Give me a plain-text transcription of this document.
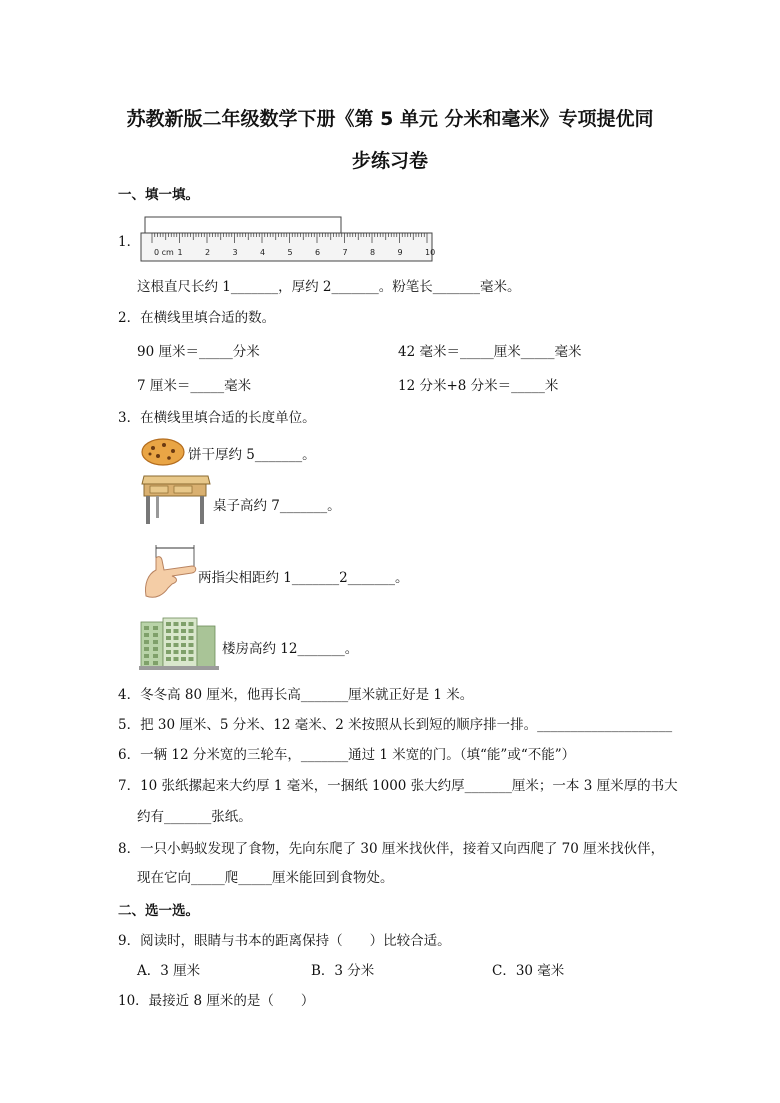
苏教新版二年级数学下册《第 5 单元 分米和毫米》专项提优同
步练习卷
一、填一填。
1．
0 cm 1	2	3	4	5	6	7	8	9	10
这根直尺长约 1_______，厚约 2_______。粉笔长_______毫米。
2．在横线里填合适的数。
90 厘米＝_____分米	42 毫米＝_____厘米_____毫米
7 厘米＝_____毫米	12 分米+8 分米＝_____米
3．在横线里填合适的长度单位。
饼干厚约 5_______。
桌子高约 7_______。
两指尖相距约 1_______2_______。
楼房高约 12_______。
4．冬冬高 80 厘米，他再长高_______厘米就正好是 1 米。
5．把 30 厘米、5 分米、12 毫米、2 米按照从长到短的顺序排一排。____________________
6．一辆 12 分米宽的三轮车，_______通过 1 米宽的门。（填“能”或“不能”）
7．10 张纸摞起来大约厚 1 毫米，一捆纸 1000 张大约厚_______厘米；一本 3 厘米厚的书大
约有_______张纸。
8．一只小蚂蚁发现了食物，先向东爬了 30 厘米找伙伴，接着又向西爬了 70 厘米找伙伴，
现在它向_____爬_____厘米能回到食物处。
二、选一选。
9．阅读时，眼睛与书本的距离保持（　　）比较合适。
A．3 厘米	B．3 分米	C．30 毫米
10．最接近 8 厘米的是（　　）
